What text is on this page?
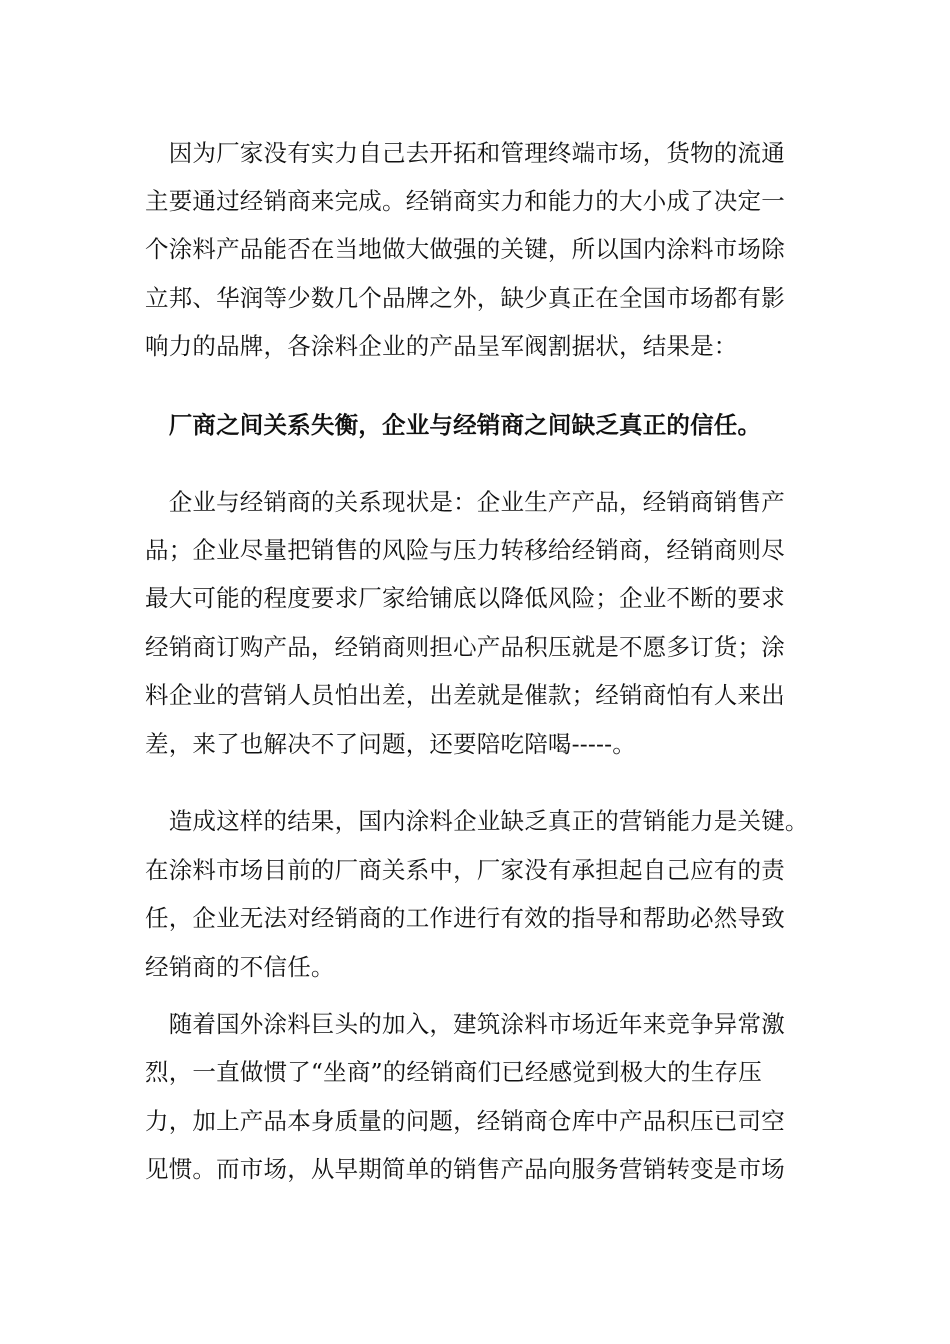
　因为厂家没有实力自己去开拓和管理终端市场，货物的流通
主要通过经销商来完成。经销商实力和能力的大小成了决定一
个涂料产品能否在当地做大做强的关键，所以国内涂料市场除
立邦、华润等少数几个品牌之外，缺少真正在全国市场都有影
响力的品牌，各涂料企业的产品呈军阀割据状，结果是：
　厂商之间关系失衡，企业与经销商之间缺乏真正的信任。
　企业与经销商的关系现状是：企业生产产品，经销商销售产
品；企业尽量把销售的风险与压力转移给经销商，经销商则尽
最大可能的程度要求厂家给铺底以降低风险；企业不断的要求
经销商订购产品，经销商则担心产品积压就是不愿多订货；涂
料企业的营销人员怕出差，出差就是催款；经销商怕有人来出
差，来了也解决不了问题，还要陪吃陪喝-----。
　造成这样的结果，国内涂料企业缺乏真正的营销能力是关键。
在涂料市场目前的厂商关系中，厂家没有承担起自己应有的责
任，企业无法对经销商的工作进行有效的指导和帮助必然导致
经销商的不信任。
　随着国外涂料巨头的加入，建筑涂料市场近年来竞争异常激
烈，一直做惯了“坐商”的经销商们已经感觉到极大的生存压
力，加上产品本身质量的问题，经销商仓库中产品积压已司空
见惯。而市场，从早期简单的销售产品向服务营销转变是市场
